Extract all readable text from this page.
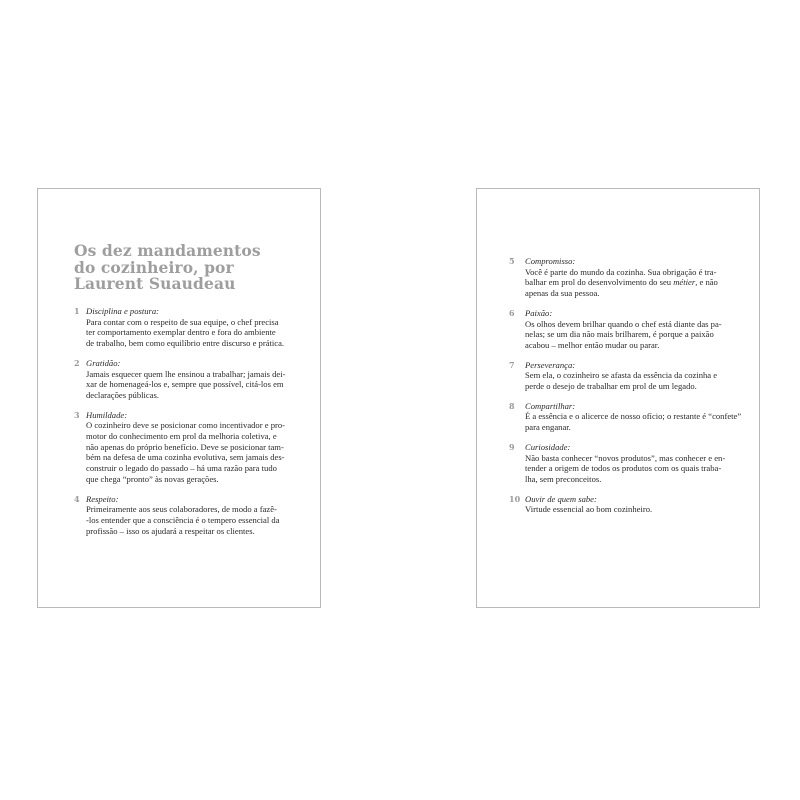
Os dez mandamentos
do cozinheiro, por
Laurent Suaudeau
1 Disciplina e postura:
Para contar com o respeito de sua equipe, o chef precisa
ter comportamento exemplar dentro e fora do ambiente
de trabalho, bem como equilíbrio entre discurso e prática.
2 Gratidão:
Jamais esquecer quem lhe ensinou a trabalhar; jamais dei-
xar de homenageá-los e, sempre que possível, citá-los em
declarações públicas.
3 Humildade:
O cozinheiro deve se posicionar como incentivador e pro-
motor do conhecimento em prol da melhoria coletiva, e
não apenas do próprio benefício. Deve se posicionar tam-
bém na defesa de uma cozinha evolutiva, sem jamais des-
construir o legado do passado – há uma razão para tudo
que chega “pronto” às novas gerações.
4 Respeito:
Primeiramente aos seus colaboradores, de modo a fazê-
-los entender que a consciência é o tempero essencial da
profissão – isso os ajudará a respeitar os clientes.
5 Compromisso:
Você é parte do mundo da cozinha. Sua obrigação é tra-
balhar em prol do desenvolvimento do seu métier, e não
apenas da sua pessoa.
6 Paixão:
Os olhos devem brilhar quando o chef está diante das pa-
nelas; se um dia não mais brilharem, é porque a paixão
acabou – melhor então mudar ou parar.
7 Perseverança:
Sem ela, o cozinheiro se afasta da essência da cozinha e
perde o desejo de trabalhar em prol de um legado.
8 Compartilhar:
É a essência e o alicerce de nosso ofício; o restante é “confete”
para enganar.
9 Curiosidade:
Não basta conhecer “novos produtos”, mas conhecer e en-
tender a origem de todos os produtos com os quais traba-
lha, sem preconceitos.
10 Ouvir de quem sabe:
Virtude essencial ao bom cozinheiro.
